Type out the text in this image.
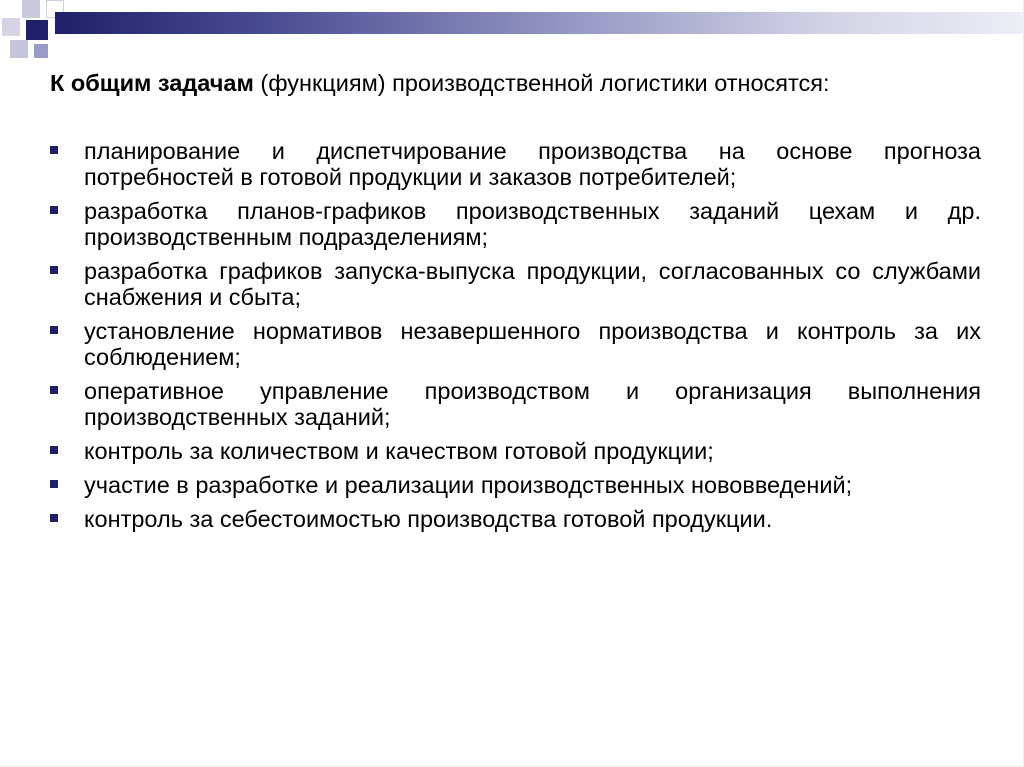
К общим задачам (функциям) производственной логистики относятся:

планирование и диспетчирование производства на основе прогноза потребностей в готовой продукции и заказов потребителей;
разработка планов-графиков производственных заданий цехам и др. производственным подразделениям;
разработка графиков запуска-выпуска продукции, согласованных со службами снабжения и сбыта;
установление нормативов незавершенного производства и контроль за их соблюдением;
оперативное управление производством и организация выполнения производственных заданий;
контроль за количеством и качеством готовой продукции;
участие в разработке и реализации производственных нововведений;
контроль за себестоимостью производства готовой продукции.
